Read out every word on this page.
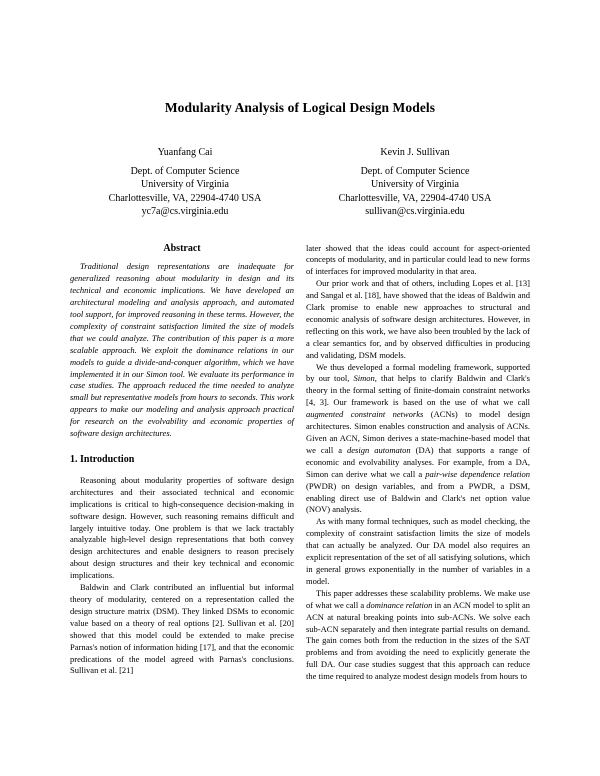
Modularity Analysis of Logical Design Models
Yuanfang Cai
Dept. of Computer Science
University of Virginia
Charlottesville, VA, 22904-4740 USA
yc7a@cs.virginia.edu
Kevin J. Sullivan
Dept. of Computer Science
University of Virginia
Charlottesville, VA, 22904-4740 USA
sullivan@cs.virginia.edu
Abstract

Traditional design representations are inadequate for generalized reasoning about modularity in design and its technical and economic implications. We have developed an architectural modeling and analysis approach, and automated tool support, for improved reasoning in these terms. However, the complexity of constraint satisfaction limited the size of models that we could analyze. The contribution of this paper is a more scalable approach. We exploit the dominance relations in our models to guide a divide-and-conquer algorithm, which we have implemented it in our Simon tool. We evaluate its performance in case studies. The approach reduced the time needed to analyze small but representative models from hours to seconds. This work appears to make our modeling and analysis approach practical for research on the evolvability and economic properties of software design architectures.

1. Introduction

Reasoning about modularity properties of software design architectures and their associated technical and economic implications is critical to high-consequence decision-making in software design. However, such reasoning remains difficult and largely intuitive today. One problem is that we lack tractably analyzable high-level design representations that both convey design architectures and enable designers to reason precisely about design structures and their key technical and economic implications.

Baldwin and Clark contributed an influential but informal theory of modularity, centered on a representation called the design structure matrix (DSM). They linked DSMs to economic value based on a theory of real options [2]. Sullivan et al. [20] showed that this model could be extended to make precise Parnas's notion of information hiding [17], and that the economic predications of the model agreed with Parnas's conclusions. Sullivan et al. [21]

later showed that the ideas could account for aspect-oriented concepts of modularity, and in particular could lead to new forms of interfaces for improved modularity in that area.

Our prior work and that of others, including Lopes et al. [13] and Sangal et al. [18], have showed that the ideas of Baldwin and Clark promise to enable new approaches to structural and economic analysis of software design architectures. However, in reflecting on this work, we have also been troubled by the lack of a clear semantics for, and by observed difficulties in producing and validating, DSM models.

We thus developed a formal modeling framework, supported by our tool, Simon, that helps to clarify Baldwin and Clark's theory in the formal setting of finite-domain constraint networks [4, 3]. Our framework is based on the use of what we call augmented constraint networks (ACNs) to model design architectures. Simon enables construction and analysis of ACNs. Given an ACN, Simon derives a state-machine-based model that we call a design automaton (DA) that supports a range of economic and evolvability analyses. For example, from a DA, Simon can derive what we call a pair-wise dependence relation (PWDR) on design variables, and from a PWDR, a DSM, enabling direct use of Baldwin and Clark's net option value (NOV) analysis.

As with many formal techniques, such as model checking, the complexity of constraint satisfaction limits the size of models that can actually be analyzed. Our DA model also requires an explicit representation of the set of all satisfying solutions, which in general grows exponentially in the number of variables in a model.

This paper addresses these scalability problems. We make use of what we call a dominance relation in an ACN model to split an ACN at natural breaking points into sub-ACNs. We solve each sub-ACN separately and then integrate partial results on demand. The gain comes both from the reduction in the sizes of the SAT problems and from avoiding the need to explicitly generate the full DA. Our case studies suggest that this approach can reduce the time required to analyze modest design models from hours to
